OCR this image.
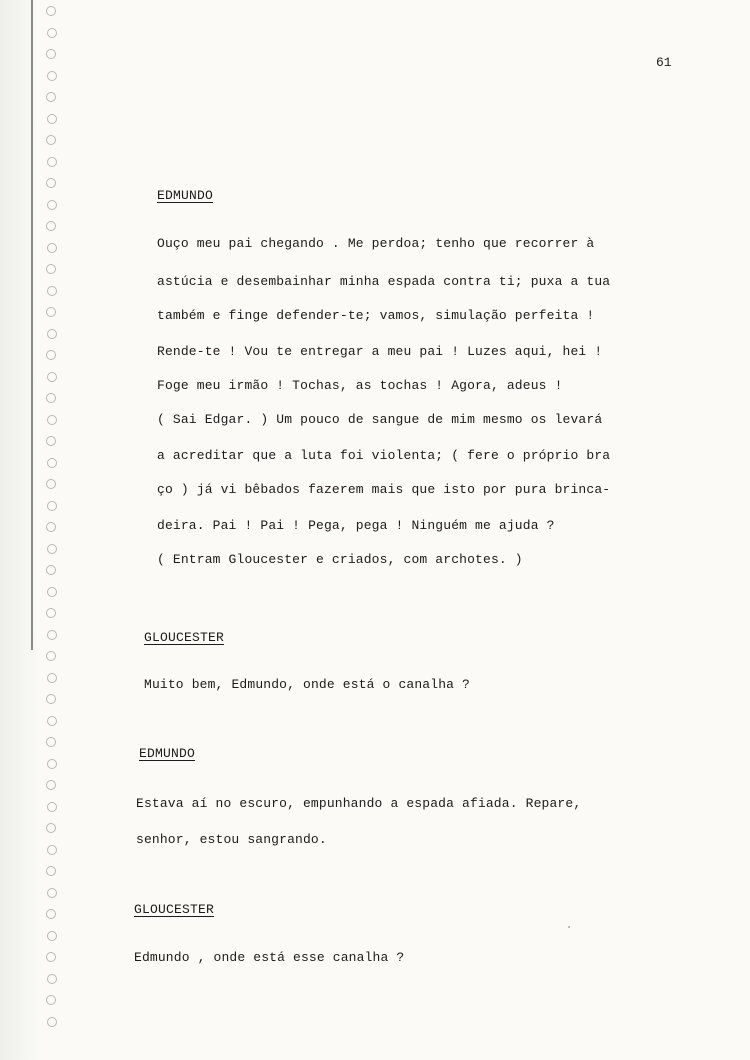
61
EDMUNDO
Ouço meu pai chegando . Me perdoa; tenho que recorrer à
astúcia e desembainhar minha espada contra ti; puxa a tua
também e finge defender-te; vamos, simulação perfeita !
Rende-te ! Vou te entregar a meu pai ! Luzes aqui, hei !
Foge meu irmão ! Tochas, as tochas ! Agora, adeus !
( Sai Edgar. ) Um pouco de sangue de mim mesmo os levará
a acreditar que a luta foi violenta; ( fere o próprio bra
ço ) já vi bêbados fazerem mais que isto por pura brinca-
deira. Pai ! Pai ! Pega, pega ! Ninguém me ajuda ?
( Entram Gloucester e criados, com archotes. )
GLOUCESTER
Muito bem, Edmundo, onde está o canalha ?
EDMUNDO
Estava aí no escuro, empunhando a espada afiada. Repare,
senhor, estou sangrando.
GLOUCESTER
Edmundo , onde está esse canalha ?
